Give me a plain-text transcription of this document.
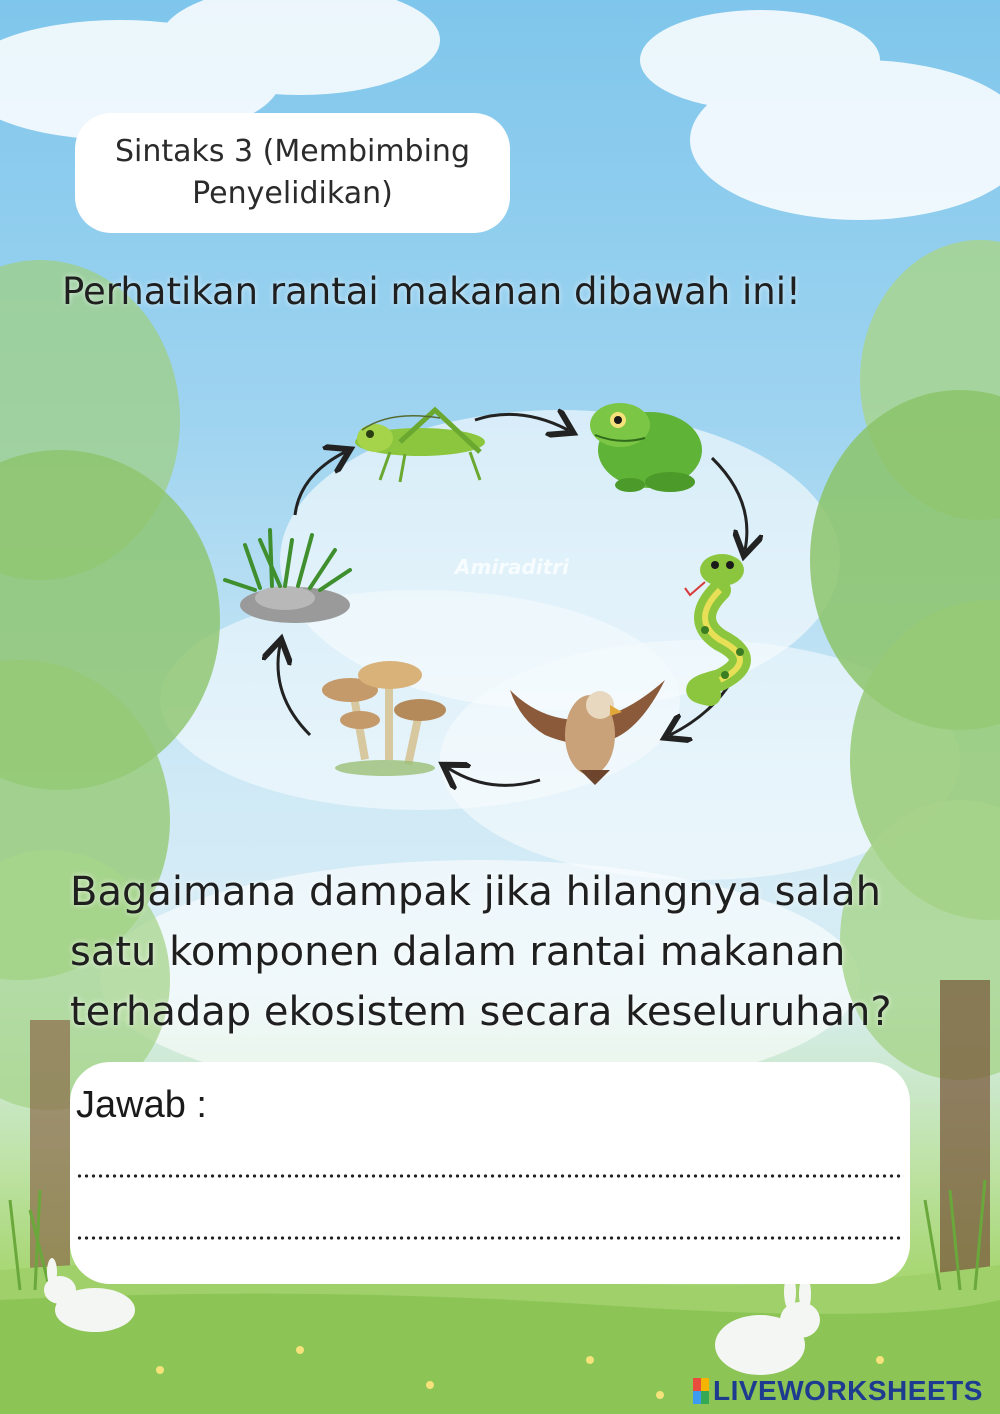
Sintaks 3 (Membimbing Penyelidikan)
Perhatikan rantai makanan dibawah ini!
Amiraditri
Bagaimana dampak jika hilangnya salah satu komponen dalam rantai makanan terhadap ekosistem secara keseluruhan?
Jawab :
LIVEWORKSHEETS
